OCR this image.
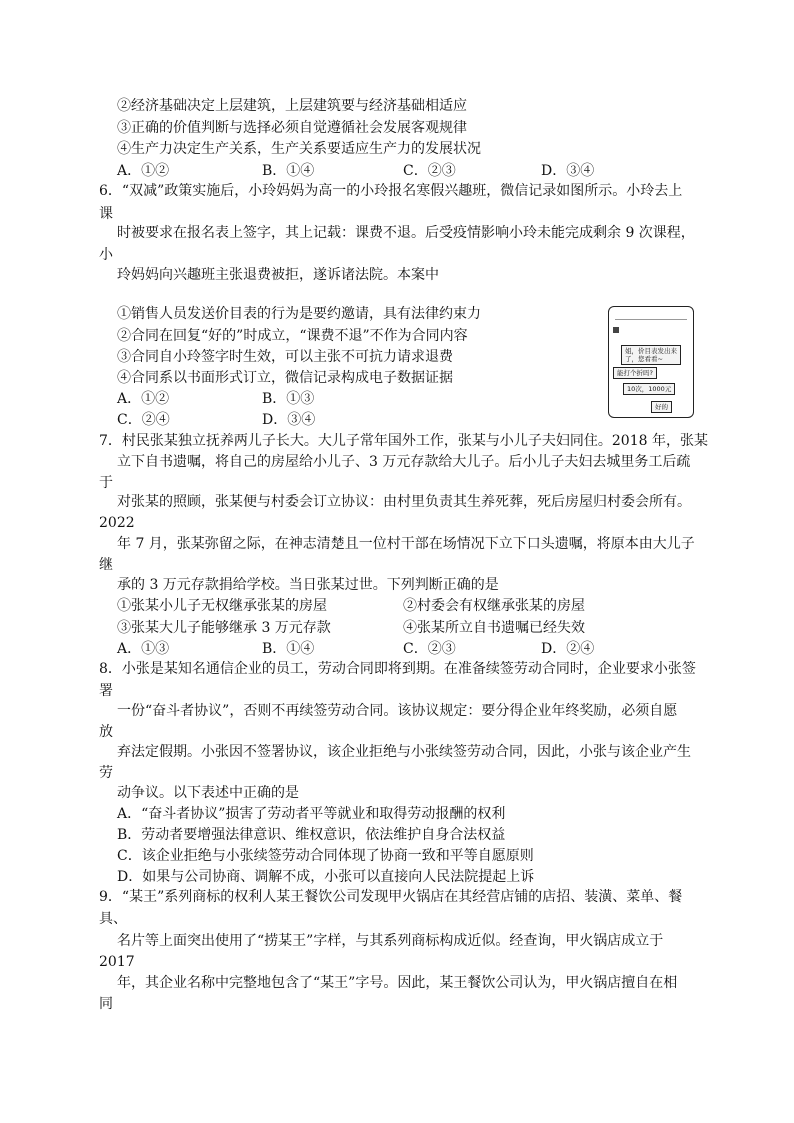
②经济基础决定上层建筑，上层建筑要与经济基础相适应
③正确的价值判断与选择必须自觉遵循社会发展客观规律
④生产力决定生产关系，生产关系要适应生产力的发展状况
A．①②	B．①④	C．②③	D．③④
6．“双减”政策实施后，小玲妈妈为高一的小玲报名寒假兴趣班，微信记录如图所示。小玲去上
课
时被要求在报名表上签字，其上记载：课费不退。后受疫情影响小玲未能完成剩余 9 次课程，
小
玲妈妈向兴趣班主张退费被拒，遂诉诸法院。本案中
①销售人员发送价目表的行为是要约邀请，具有法律约束力
②合同在回复“好的”时成立，“课费不退”不作为合同内容
③合同自小玲签字时生效，可以主张不可抗力请求退费
④合同系以书面形式订立，微信记录构成电子数据证据
A．①②	B．①③
C．②④	D．③④
姐，价目表发出来
了，您看看~
能打个折吗?
10次，1000元
好的
7．村民张某独立抚养两儿子长大。大儿子常年国外工作，张某与小儿子夫妇同住。2018 年，张某
立下自书遗嘱，将自己的房屋给小儿子、3 万元存款给大儿子。后小儿子夫妇去城里务工后疏
于
对张某的照顾，张某便与村委会订立协议：由村里负责其生养死葬，死后房屋归村委会所有。
2022
年 7 月，张某弥留之际，在神志清楚且一位村干部在场情况下立下口头遗嘱，将原本由大儿子
继
承的 3 万元存款捐给学校。当日张某过世。下列判断正确的是
①张某小儿子无权继承张某的房屋	②村委会有权继承张某的房屋
③张某大儿子能够继承 3 万元存款	④张某所立自书遗嘱已经失效
A．①③	B．①④	C．②③	D．②④
8．小张是某知名通信企业的员工，劳动合同即将到期。在准备续签劳动合同时，企业要求小张签
署
一份“奋斗者协议”，否则不再续签劳动合同。该协议规定：要分得企业年终奖励，必须自愿
放
弃法定假期。小张因不签署协议，该企业拒绝与小张续签劳动合同，因此，小张与该企业产生
劳
动争议。以下表述中正确的是
A．“奋斗者协议”损害了劳动者平等就业和取得劳动报酬的权利
B．劳动者要增强法律意识、维权意识，依法维护自身合法权益
C．该企业拒绝与小张续签劳动合同体现了协商一致和平等自愿原则
D．如果与公司协商、调解不成，小张可以直接向人民法院提起上诉
9．“某王”系列商标的权利人某王餐饮公司发现甲火锅店在其经营店铺的店招、装潢、菜单、餐
具、
名片等上面突出使用了“捞某王”字样，与其系列商标构成近似。经查询，甲火锅店成立于
2017
年，其企业名称中完整地包含了“某王”字号。因此，某王餐饮公司认为，甲火锅店擅自在相
同
